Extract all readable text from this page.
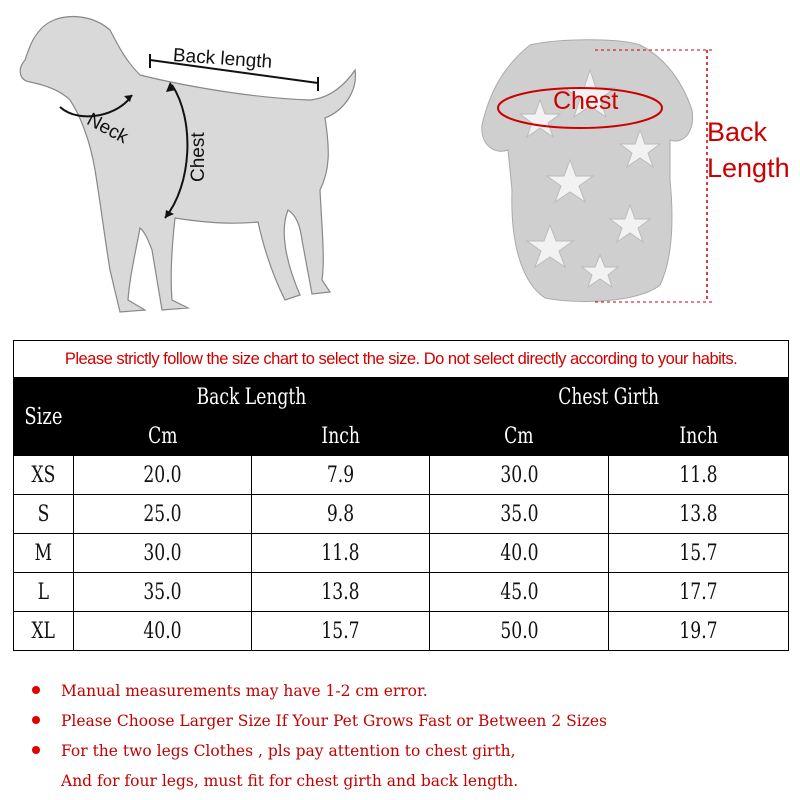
Back length
Neck
Chest
Chest
Back
Length
Please strictly follow the size chart to select the size. Do not select directly according to your habits.				
Size	Back Length		Chest Girth	
	Cm	Inch	Cm	Inch
XS	20.0	7.9	30.0	11.8
S	25.0	9.8	35.0	13.8
M	30.0	11.8	40.0	15.7
L	35.0	13.8	45.0	17.7
XL	40.0	15.7	50.0	19.7
Manual measurements may have 1-2 cm error.
Please Choose Larger Size If Your Pet Grows Fast or Between 2 Sizes
For the two legs Clothes , pls pay attention to chest girth,
And for four legs, must fit for chest girth and back length.
